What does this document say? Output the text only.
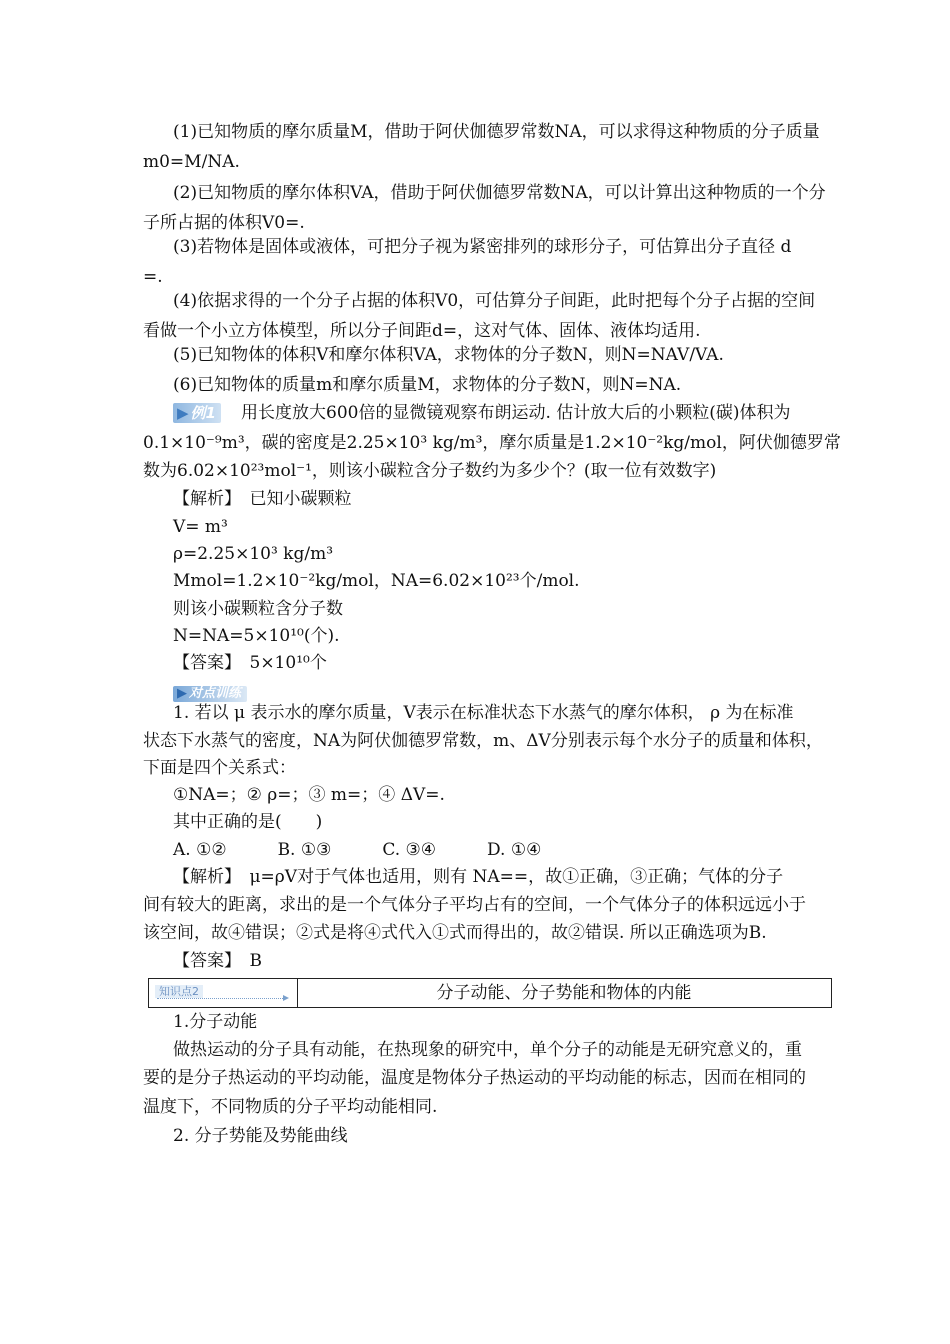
(1)已知物质的摩尔质量M，借助于阿伏伽德罗常数NA，可以求得这种物质的分子质量
m0=M/NA.
(2)已知物质的摩尔体积VA，借助于阿伏伽德罗常数NA，可以计算出这种物质的一个分
子所占据的体积V0=.
(3)若物体是固体或液体，可把分子视为紧密排列的球形分子，可估算出分子直径 d
=.
(4)依据求得的一个分子占据的体积V0，可估算分子间距，此时把每个分子占据的空间
看做一个小立方体模型，所以分子间距d=，这对气体、固体、液体均适用.
(5)已知物体的体积V和摩尔体积VA，求物体的分子数N，则N=NAV/VA.
(6)已知物体的质量m和摩尔质量M，求物体的分子数N，则N=NA.
▶ 例1 用长度放大600倍的显微镜观察布朗运动. 估计放大后的小颗粒(碳)体积为
0.1×10⁻⁹m³，碳的密度是2.25×10³ kg/m³，摩尔质量是1.2×10⁻²kg/mol，阿伏伽德罗常
数为6.02×10²³mol⁻¹，则该小碳粒含分子数约为多少个？(取一位有效数字)
【解析】　已知小碳颗粒
V= m³
ρ=2.25×10³ kg/m³
Mmol=1.2×10⁻²kg/mol，NA=6.02×10²³个/mol.
则该小碳颗粒含分子数
N=NA=5×10¹⁰(个).
【答案】　5×10¹⁰个
▶ 对点训练
1. 若以 μ 表示水的摩尔质量，V表示在标准状态下水蒸气的摩尔体积， ρ 为在标准
状态下水蒸气的密度，NA为阿伏伽德罗常数，m、ΔV分别表示每个水分子的质量和体积，
下面是四个关系式：
①NA=；② ρ=；③ m=；④ ΔV=.
其中正确的是(　　)
A. ①②　　　B. ①③　　　C. ③④　　　D. ①④
【解析】　μ=ρV对于气体也适用，则有 NA==，故①正确，③正确；气体的分子
间有较大的距离，求出的是一个气体分子平均占有的空间，一个气体分子的体积远远小于
该空间，故④错误；②式是将④式代入①式而得出的，故②错误. 所以正确选项为B.
【答案】　B
知识点2	分子动能、分子势能和物体的内能
1.分子动能
做热运动的分子具有动能，在热现象的研究中，单个分子的动能是无研究意义的，重
要的是分子热运动的平均动能，温度是物体分子热运动的平均动能的标志，因而在相同的
温度下，不同物质的分子平均动能相同.
2. 分子势能及势能曲线
